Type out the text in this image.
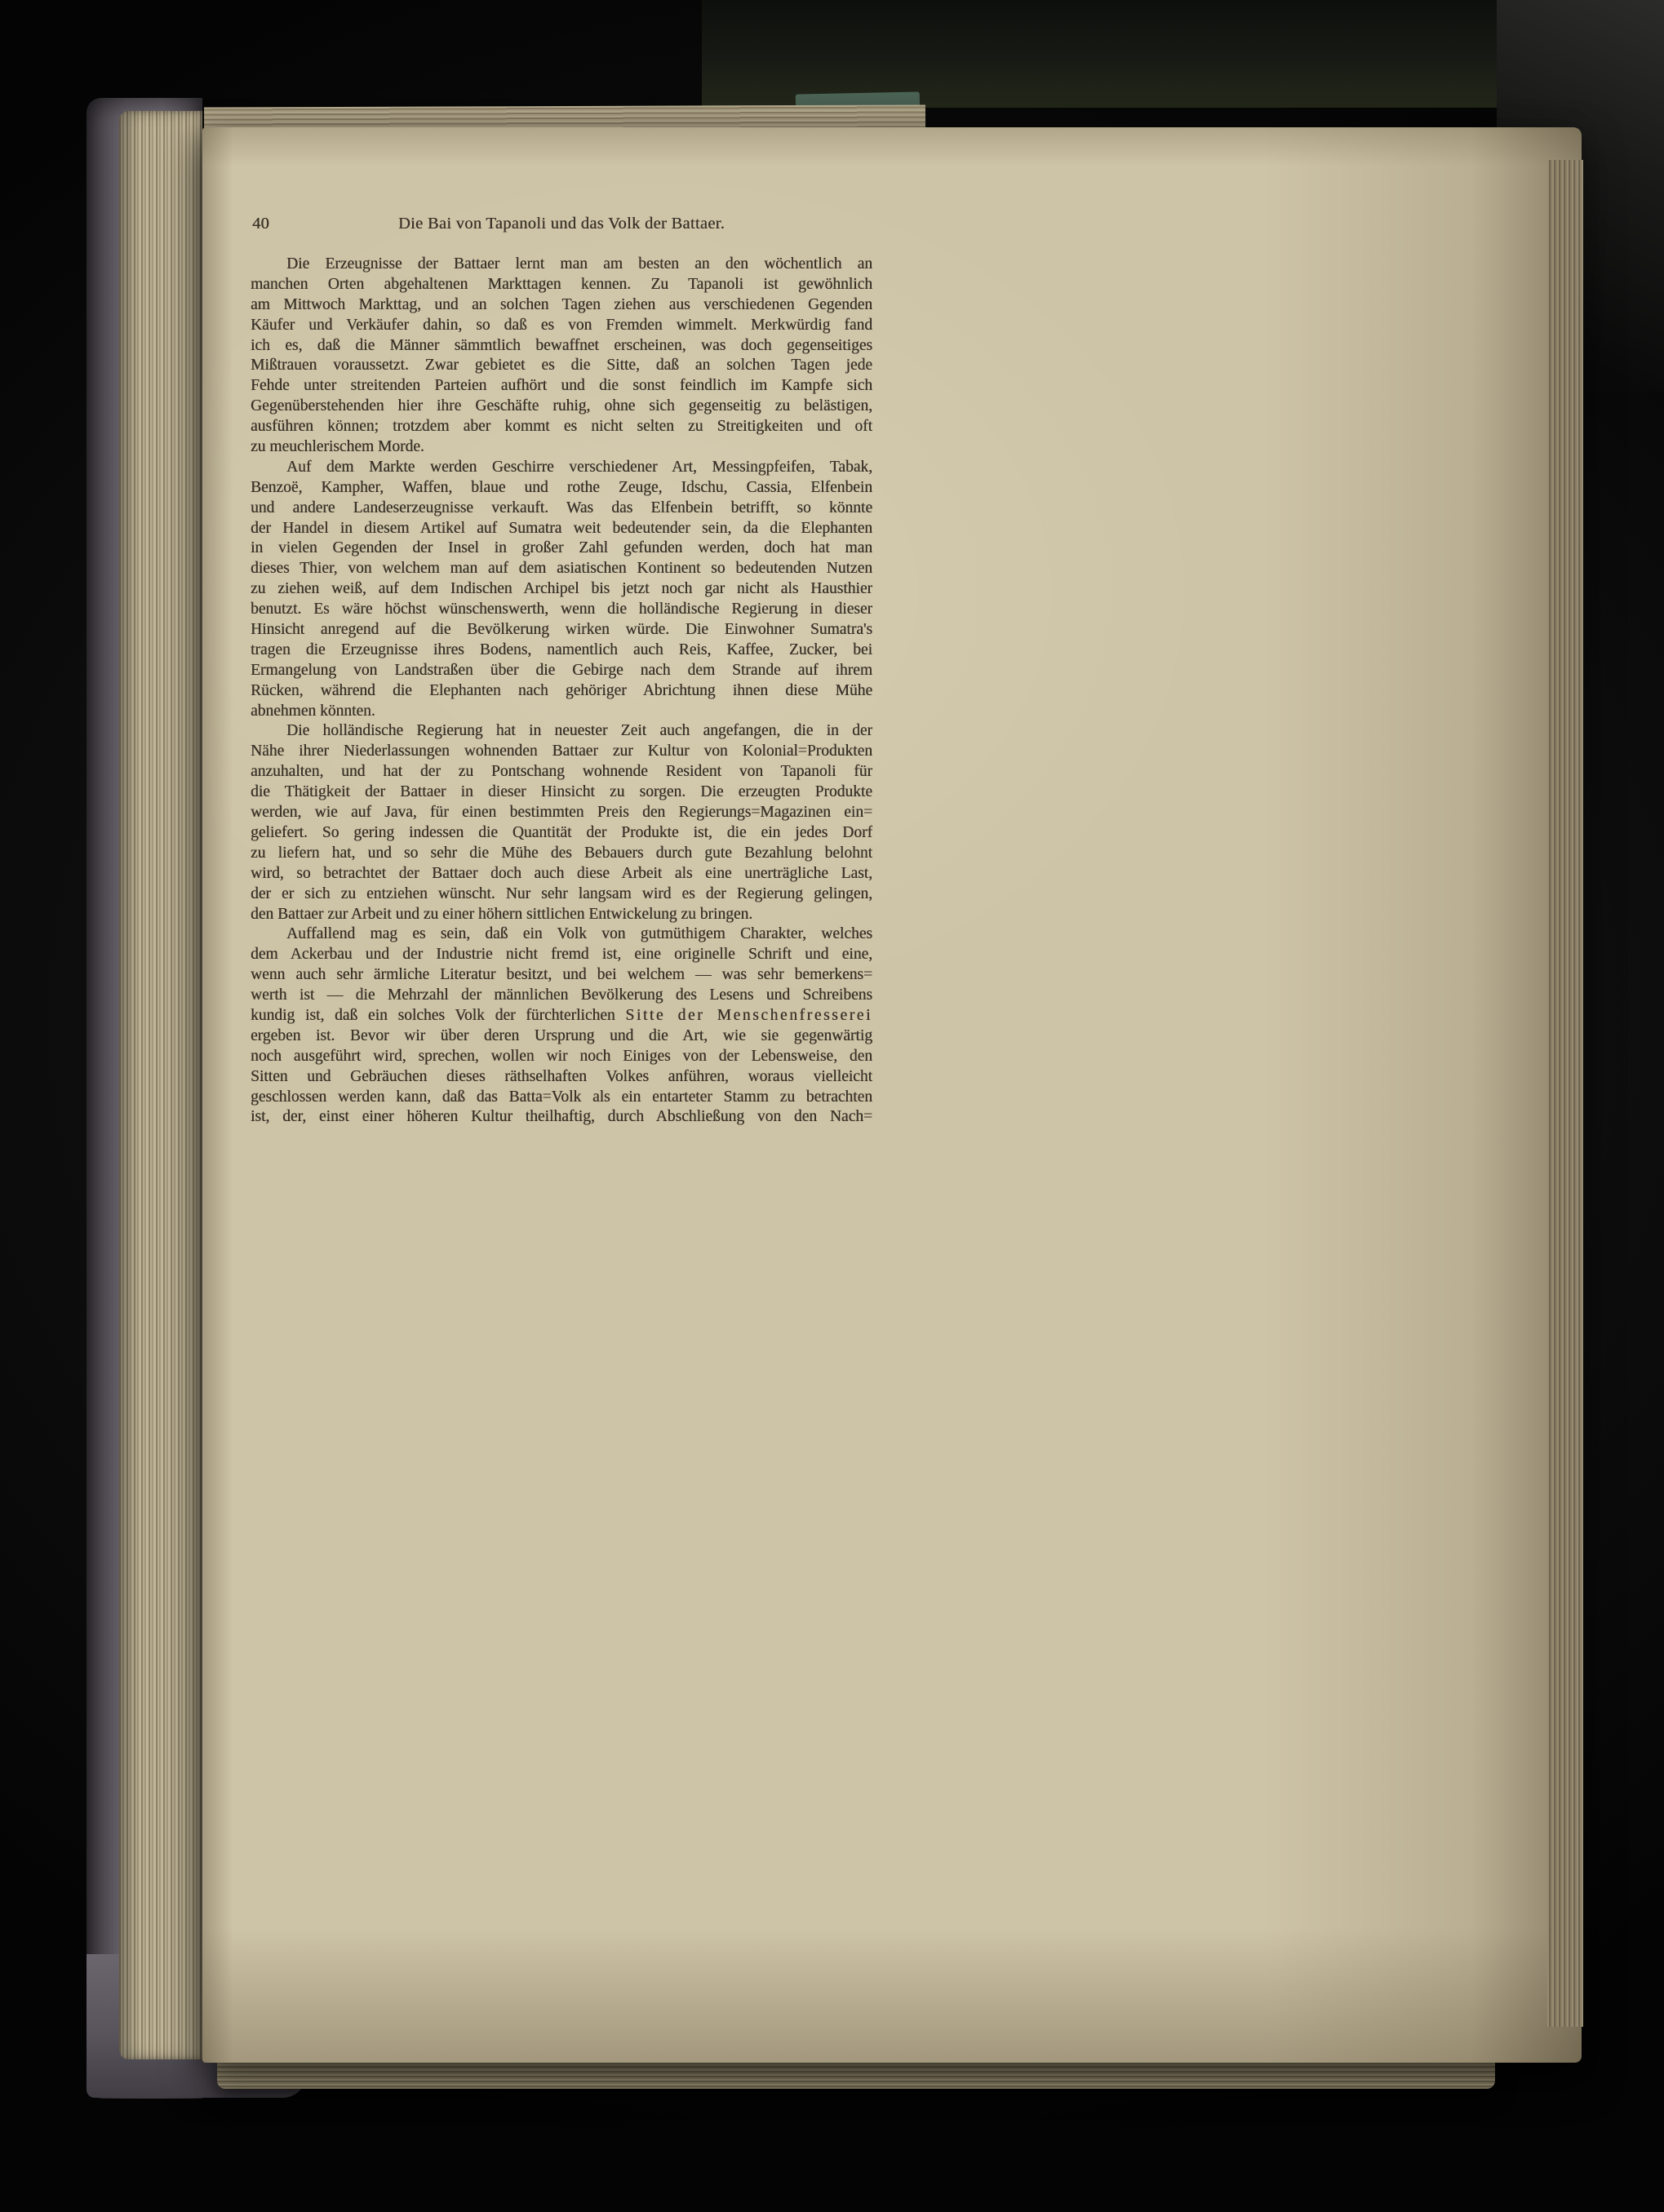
40	Die Bai von Tapanoli und das Volk der Battaer.
Die Erzeugnisse der Battaer lernt man am besten an den wöchentlich an
manchen Orten abgehaltenen Markttagen kennen. Zu Tapanoli ist gewöhnlich
am Mittwoch Markttag, und an solchen Tagen ziehen aus verschiedenen Gegenden
Käufer und Verkäufer dahin, so daß es von Fremden wimmelt. Merkwürdig fand
ich es, daß die Männer sämmtlich bewaffnet erscheinen, was doch gegenseitiges
Mißtrauen voraussetzt. Zwar gebietet es die Sitte, daß an solchen Tagen jede
Fehde unter streitenden Parteien aufhört und die sonst feindlich im Kampfe sich
Gegenüberstehenden hier ihre Geschäfte ruhig, ohne sich gegenseitig zu belästigen,
ausführen können; trotzdem aber kommt es nicht selten zu Streitigkeiten und oft
zu meuchlerischem Morde.
Auf dem Markte werden Geschirre verschiedener Art, Messingpfeifen, Tabak,
Benzoë, Kampher, Waffen, blaue und rothe Zeuge, Idschu, Cassia, Elfenbein
und andere Landeserzeugnisse verkauft. Was das Elfenbein betrifft, so könnte
der Handel in diesem Artikel auf Sumatra weit bedeutender sein, da die Elephanten
in vielen Gegenden der Insel in großer Zahl gefunden werden, doch hat man
dieses Thier, von welchem man auf dem asiatischen Kontinent so bedeutenden Nutzen
zu ziehen weiß, auf dem Indischen Archipel bis jetzt noch gar nicht als Hausthier
benutzt. Es wäre höchst wünschenswerth, wenn die holländische Regierung in dieser
Hinsicht anregend auf die Bevölkerung wirken würde. Die Einwohner Sumatra's
tragen die Erzeugnisse ihres Bodens, namentlich auch Reis, Kaffee, Zucker, bei
Ermangelung von Landstraßen über die Gebirge nach dem Strande auf ihrem
Rücken, während die Elephanten nach gehöriger Abrichtung ihnen diese Mühe
abnehmen könnten.
Die holländische Regierung hat in neuester Zeit auch angefangen, die in der
Nähe ihrer Niederlassungen wohnenden Battaer zur Kultur von Kolonial=Produkten
anzuhalten, und hat der zu Pontschang wohnende Resident von Tapanoli für
die Thätigkeit der Battaer in dieser Hinsicht zu sorgen. Die erzeugten Produkte
werden, wie auf Java, für einen bestimmten Preis den Regierungs=Magazinen ein=
geliefert. So gering indessen die Quantität der Produkte ist, die ein jedes Dorf
zu liefern hat, und so sehr die Mühe des Bebauers durch gute Bezahlung belohnt
wird, so betrachtet der Battaer doch auch diese Arbeit als eine unerträgliche Last,
der er sich zu entziehen wünscht. Nur sehr langsam wird es der Regierung gelingen,
den Battaer zur Arbeit und zu einer höhern sittlichen Entwickelung zu bringen.
Auffallend mag es sein, daß ein Volk von gutmüthigem Charakter, welches
dem Ackerbau und der Industrie nicht fremd ist, eine originelle Schrift und eine,
wenn auch sehr ärmliche Literatur besitzt, und bei welchem — was sehr bemerkens=
werth ist — die Mehrzahl der männlichen Bevölkerung des Lesens und Schreibens
kundig ist, daß ein solches Volk der fürchterlichen Sitte der Menschenfresserei
ergeben ist. Bevor wir über deren Ursprung und die Art, wie sie gegenwärtig
noch ausgeführt wird, sprechen, wollen wir noch Einiges von der Lebensweise, den
Sitten und Gebräuchen dieses räthselhaften Volkes anführen, woraus vielleicht
geschlossen werden kann, daß das Batta=Volk als ein entarteter Stamm zu betrachten
ist, der, einst einer höheren Kultur theilhaftig, durch Abschließung von den Nach=
